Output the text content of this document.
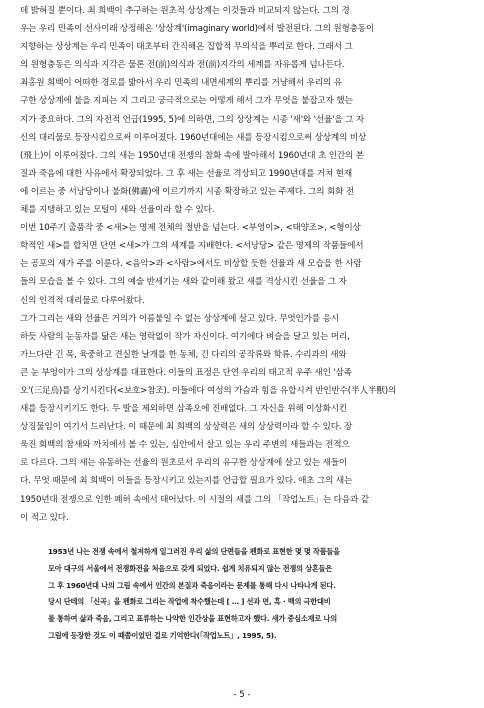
데 밝혀질 뿐이다. 최 희백이 추구하는 원초적 상상계는 이것들과 비교되지 않는다. 그의 경
우는 우리 민족이 선사이래 상정해온 '상상계'(imaginary world)에서 발전된다. 그의 원형충동이
지향하는 상상계는 우리 민족이 태초부터 간직해온 집합적 무의식을 뿌리로 한다. 그래서 그
의 원형충동은 의식과 지각은 물론 전(前)의식과 전(前)지각의 세계를 자유롭게 넘나든다.
최홍원 희백이 어떠한 경로를 밟아서 우리 민족의 내면세계의 뿌리를 거냥해서 우리의 유
구한 상상계에 불을 지피는 지 그리고 궁극적으로는 어떻게 해서 그가 무엇을 붙잡고자 했는
지가 중요하다. 그의 자전적 언급(1995, 5)에 의하면, 그의 상상계는 시종 '새'와 '선율'을 그 자
신의 대리물로 등장시킴으로써 이루어졌다. 1960년대에는 새를 등장시킴으로써 상상계의 비상
(飛上)이 이루어졌다. 그의 새는 1950년대 전쟁의 참화 속에 발아해서 1960년대 초 인간의 본
질과 죽음에 대한 사유에서 확장되었다. 그 후 새는 선율로 격상되고 1990년대를 거쳐 현재
에 이르는 중 서낭당이나 불화(佛畵)에 이르기까지 시종 확장하고 있는 주제다. 그의 회화 전
체를 지탱하고 있는 모털이 새와 선율이라 할 수 있다.
이번 10주기 출품작 중 <새>는 명제 전체의 절반을 넘는다. <부엉이>, <태양조>, <형이상
학적인 새>를 합치면 단연 <새>가 그의 세계를 지배한다. <서낭당> 같은 명제의 작품들에서
는 공포의 새가 주를 이룬다. <음악>과 <사람>에서도 비상할 듯한 선율과 새 모습을 한 사람
들의 모습을 볼 수 있다. 그의 예술 반세기는 새와 같이해 왔고 새를 격상시킨 선율을 그 자
신의 인격적 대리물로 다루어왔다.
그가 그리는 새와 선율은 거의가 이름붙일 수 없는 상상계에 살고 있다. 무엇인가를 응시
하듯 사람의 눈동자를 닮은 새는 영락없이 작가 자신이다. 여기에다 벼슬을 달고 있는 머리,
가느다란 긴 목, 육중하고 견실한 날개를 한 동체, 긴 다리의 공작류와 학류. 수리과의 새와
큰 눈 부엉이가 그의 상상계를 대표한다. 이들의 표정은 단연 우리의 태고적 우주 새인 '삼족
오'(三足烏)를 상기시킨다(<보호>참조). 이들에다 여성의 가슴과 힘을 유합시켜 반인반수(半人半獸)의
새를 등장시키기도 한다. 두 발을 제외하면 삼족오에 진배없다. 그 자신을 위해 이상화시킨
상징물임이 여기서 드러난다. 이 때문에 최 희백의 상상력은 새의 상상력이라 할 수 있다. 장
욱진 회백의 참새와 까치에서 볼 수 있는, 심안에서 살고 있는 우리 주변의 새들과는 전적으
로 다르다. 그의 새는 유동하는 선율의 원초로서 우리의 유구한 상상계에 살고 있는 새들이
다. 무엇 때문에 최 희백이 이들을 등장시키고 있는지를 언급할 필요가 있다. 애초 그의 새는
1950년대 전쟁으로 인한 폐허 속에서 태어났다. 이 시절의 새를 그의 「작업노트」는 다음과 같
이 적고 있다.
1953년 나는 전쟁 속에서 철저하게 일그러진 우리 삶의 단편들을 펜화로 표현한 몇 몇 작품들을
모아 대구의 서울에서 전쟁화전을 처음으로 갖게 되었다. 쉽게 치유되지 않는 전쟁의 상흔들은
그 후 1960년대 나의 그림 속에서 인간의 본질과 죽음이라는 문제를 통해 다시 나타나게 된다.
당시 단테의 「신곡」을 펜화로 그리는 작업에 착수했는데 [ … ] 선과 면, 흑 · 백의 극한대비
를 통하여 삶과 죽음, 그리고 표류하는 나약한 인간상을 표현하고자 했다. 새가 중심소재로 나의
그림에 등장한 것도 이 때쯤이었던 걸로 기억한다(「작업노트」, 1995, 5).
- 5 -
